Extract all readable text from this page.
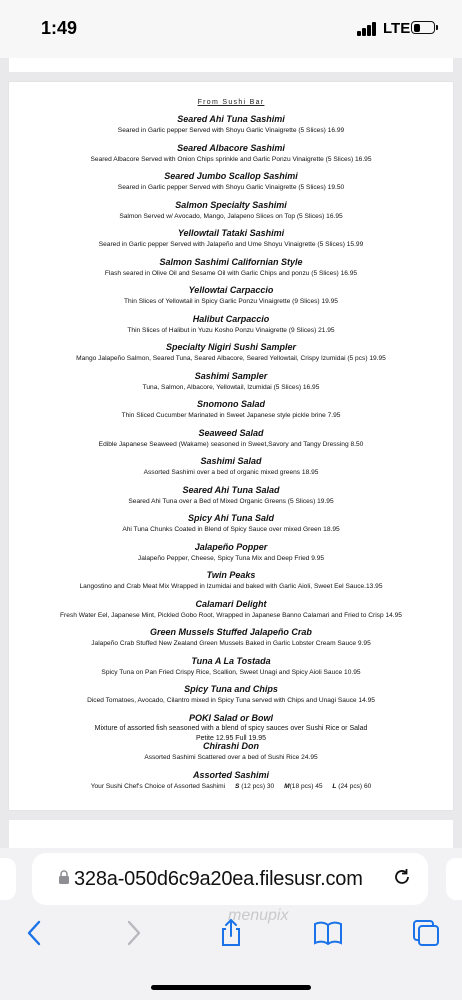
1:49	LTE
From Sushi Bar
Seared Ahi Tuna Sashimi
Seared in Garlic pepper Served with Shoyu Garlic Vinaigrette (5 Slices) 16.99
Seared Albacore Sashimi
Seared Albacore Served with Onion Chips sprinkle and Garlic Ponzu Vinaigrette (5 Slices) 16.95
Seared Jumbo Scallop Sashimi
Seared in Garlic pepper Served with Shoyu Garlic Vinaigrette (5 Slices) 19.50
Salmon Specialty Sashimi
Salmon Served w/ Avocado, Mango, Jalapeno Slices on Top (5 Slices) 16.95
Yellowtail Tataki Sashimi
Seared in Garlic pepper Served with Jalapeño and Ume Shoyu Vinaigrette (5 Slices) 15.99
Salmon Sashimi Californian Style
Flash seared in Olive Oil and Sesame Oil with Garlic Chips and ponzu (5 Slices) 16.95
Yellowtai Carpaccio
Thin Slices of Yellowtail in Spicy Garlic Ponzu Vinaigrette (9 Slices) 19.95
Halibut Carpaccio
Thin Slices of Halibut in Yuzu Kosho Ponzu Vinaigrette (9 Slices) 21.95
Specialty Nigiri Sushi Sampler
Mango Jalapeño Salmon, Seared Tuna, Seared Albacore, Seared Yellowtail, Crispy Izumidai (5 pcs) 19.95
Sashimi Sampler
Tuna, Salmon, Albacore, Yellowtail, Izumidai (5 Slices) 16.95
Snomono Salad
Thin Sliced Cucumber Marinated in Sweet Japanese style pickle brine 7.95
Seaweed Salad
Edible Japanese Seaweed (Wakame) seasoned in Sweet,Savory and Tangy Dressing 8.50
Sashimi Salad
Assorted Sashimi over a bed of organic mixed greens 18.95
Seared Ahi Tuna Salad
Seared Ahi Tuna over a Bed of Mixed Organic Greens (5 Slices) 19.95
Spicy Ahi Tuna Sald
Ahi Tuna Chunks Coated in Blend of Spicy Sauce over mixed Green 18.95
Jalapeño Popper
Jalapeño Pepper, Cheese, Spicy Tuna Mix and Deep Fried 9.95
Twin Peaks
Langostino and Crab Meat Mix Wrapped in Izumidai and baked with Garlic Aioli, Sweet Eel Sauce.13.95
Calamari Delight
Fresh Water Eel, Japanese Mint, Pickled Gobo Root, Wrapped in Japanese Banno Calamari and Fried to Crisp 14.95
Green Mussels Stuffed Jalapeño Crab
Jalapeño Crab Stuffed New Zealand Green Mussels Baked in Garlic Lobster Cream Sauce 9.95
Tuna A La Tostada
Spicy Tuna on Pan Fried Crispy Rice, Scallion, Sweet Unagi and Spicy Aioli Sauce 10.95
Spicy Tuna and Chips
Diced Tomatoes, Avocado, Cilantro mixed in Spicy Tuna served with Chips and Unagi Sauce 14.95
POKI Salad or Bowl
Mixture of assorted fish seasoned with a blend of spicy sauces over Sushi Rice or Salad
Petite 12.95 Full 19.95
Chirashi Don
Assorted Sashimi Scattered over a bed of Sushi Rice 24.95
Assorted Sashimi
Your Sushi Chef's Choice of Assorted Sashimi S (12 pcs) 30 M(18 pcs) 45 L (24 pcs) 60
328a-050d6c9a20ea.filesusr.com
menupix
